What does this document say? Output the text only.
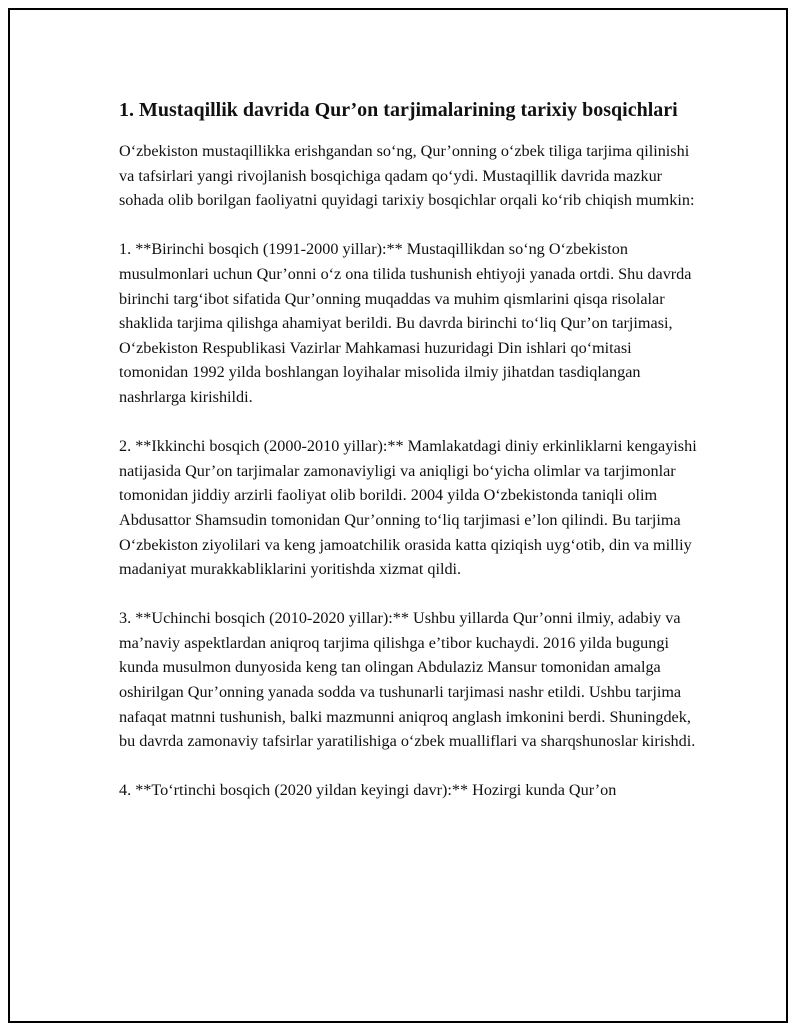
1. Mustaqillik davrida Qur’on tarjimalarining tarixiy bosqichlari

O‘zbekiston mustaqillikka erishgandan so‘ng, Qur’onning o‘zbek tiliga tarjima qilinishi va tafsirlari yangi rivojlanish bosqichiga qadam qo‘ydi. Mustaqillik davrida mazkur sohada olib borilgan faoliyatni quyidagi tarixiy bosqichlar orqali ko‘rib chiqish mumkin:

1. **Birinchi bosqich (1991-2000 yillar):** Mustaqillikdan so‘ng O‘zbekiston musulmonlari uchun Qur’onni o‘z ona tilida tushunish ehtiyoji yanada ortdi. Shu davrda birinchi targ‘ibot sifatida Qur’onning muqaddas va muhim qismlarini qisqa risolalar shaklida tarjima qilishga ahamiyat berildi. Bu davrda birinchi to‘liq Qur’on tarjimasi, O‘zbekiston Respublikasi Vazirlar Mahkamasi huzuridagi Din ishlari qo‘mitasi tomonidan 1992 yilda boshlangan loyihalar misolida ilmiy jihatdan tasdiqlangan nashrlarga kirishildi.

2. **Ikkinchi bosqich (2000-2010 yillar):** Mamlakatdagi diniy erkinliklarni kengayishi natijasida Qur’on tarjimalar zamonaviyligi va aniqligi bo‘yicha olimlar va tarjimonlar tomonidan jiddiy arzirli faoliyat olib borildi. 2004 yilda O‘zbekistonda taniqli olim Abdusattor Shamsudin tomonidan Qur’onning to‘liq tarjimasi e’lon qilindi. Bu tarjima O‘zbekiston ziyolilari va keng jamoatchilik orasida katta qiziqish uyg‘otib, din va milliy madaniyat murakkabliklarini yoritishda xizmat qildi.

3. **Uchinchi bosqich (2010-2020 yillar):** Ushbu yillarda Qur’onni ilmiy, adabiy va ma’naviy aspektlardan aniqroq tarjima qilishga e’tibor kuchaydi. 2016 yilda bugungi kunda musulmon dunyosida keng tan olingan Abdulaziz Mansur tomonidan amalga oshirilgan Qur’onning yanada sodda va tushunarli tarjimasi nashr etildi. Ushbu tarjima nafaqat matnni tushunish, balki mazmunni aniqroq anglash imkonini berdi. Shuningdek, bu davrda zamonaviy tafsirlar yaratilishiga o‘zbek mualliflari va sharqshunoslar kirishdi.

4. **To‘rtinchi bosqich (2020 yildan keyingi davr):** Hozirgi kunda Qur’on
